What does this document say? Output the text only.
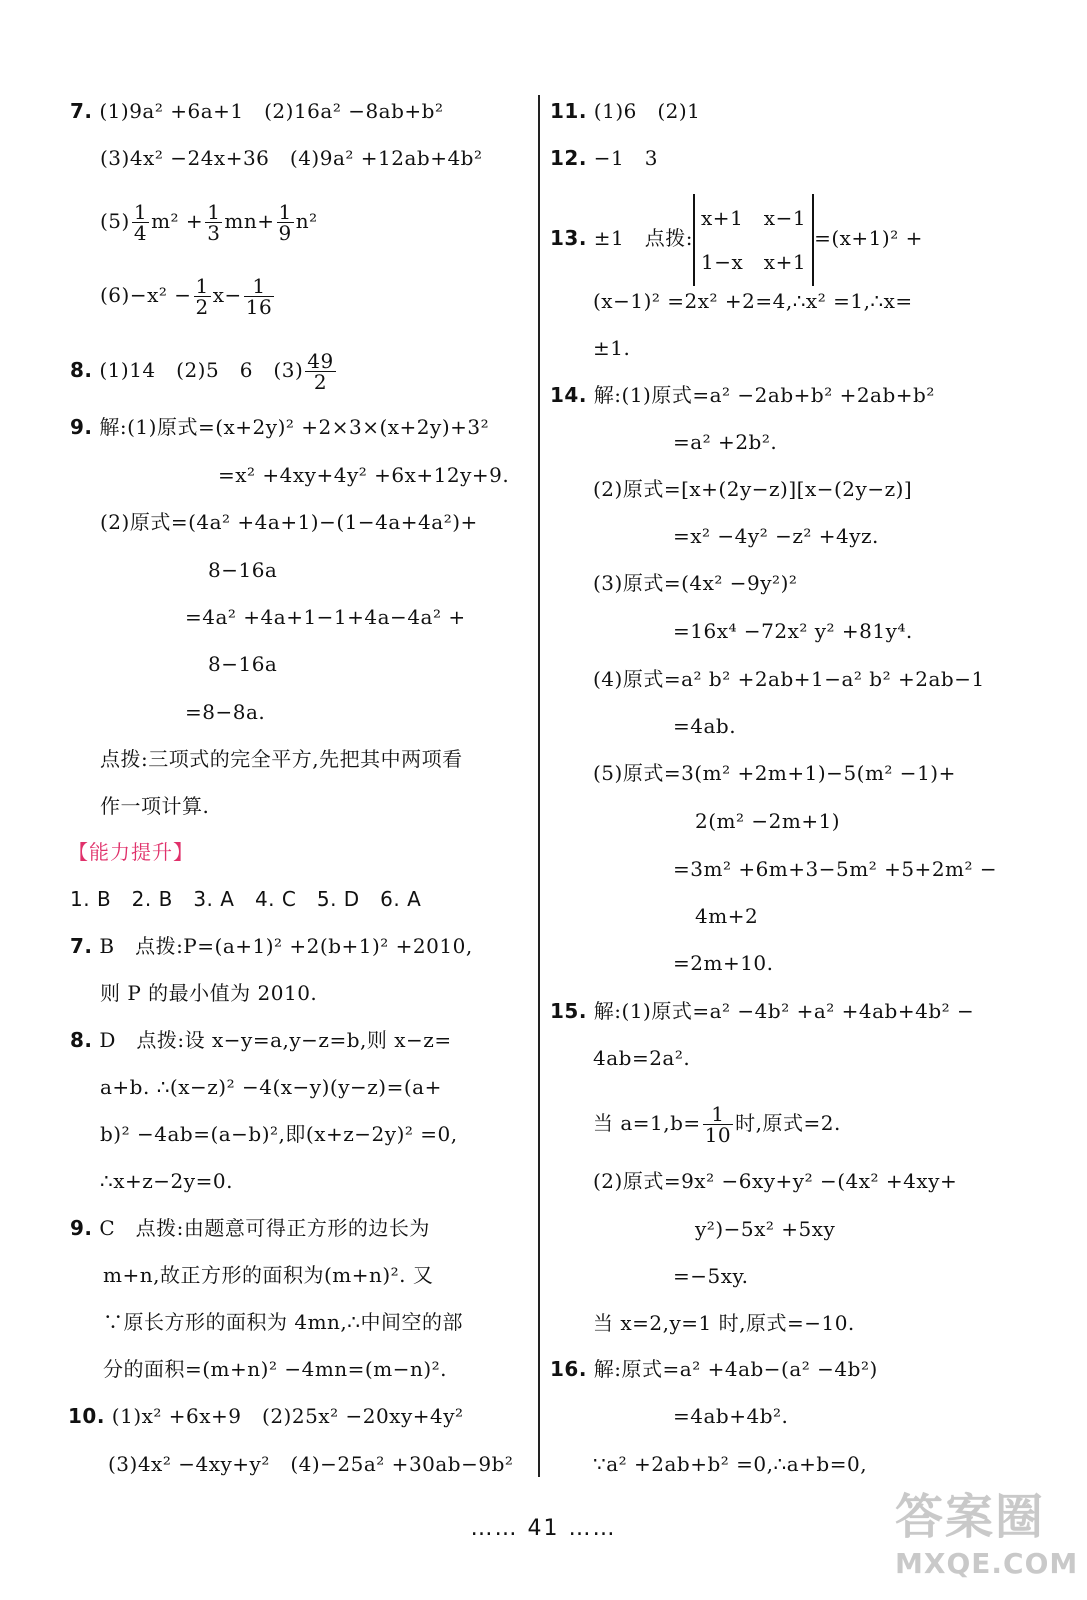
7. (1)9a² +6a+1　(2)16a² −8ab+b²
(3)4x² −24x+36　(4)9a² +12ab+4b²
$(5) \frac{1}{4} m^2 + \frac{1}{3} mn+ \frac{1}{9} n^2$
$(6)-x^2 - \frac{1}{2} x- \frac{1}{16}$
8. (1)14　(2)5　6　$(3) \frac{49}{2}$
9. 解:(1)原式=(x+2y)² +2×3×(x+2y)+3²
=x² +4xy+4y² +6x+12y+9.
(2)原式=(4a² +4a+1)−(1−4a+4a²)+
8−16a
=4a² +4a+1−1+4a−4a² +
8−16a
=8−8a.
点拨:三项式的完全平方,先把其中两项看
作一项计算.
【能力提升】
1. B　2. B　3. A　4. C　5. D　6. A
7. B　点拨:P=(a+1)² +2(b+1)² +2010,
则 P 的最小值为 2010.
8. D　点拨:设 x−y=a,y−z=b,则 x−z=
a+b. ∴(x−z)² −4(x−y)(y−z)=(a+
b)² −4ab=(a−b)²,即(x+z−2y)² =0,
∴x+z−2y=0.
9. C　点拨:由题意可得正方形的边长为
m+n,故正方形的面积为(m+n)². 又
∵原长方形的面积为 4mn,∴中间空的部
分的面积=(m+n)² −4mn=(m−n)².
10. (1)x² +6x+9　(2)25x² −20xy+4y²
(3)4x² −4xy+y²　(4)−25a² +30ab−9b²
11. (1)6　(2)1
12. −1　3
13. ±1　点拨:
x+1　 x−1
1−x　 x+1
=(x+1)² +
(x−1)² =2x² +2=4,∴x² =1,∴x=
±1.
14. 解:(1)原式=a² −2ab+b² +2ab+b²
=a² +2b².
(2)原式=[x+(2y−z)][x−(2y−z)]
=x² −4y² −z² +4yz.
(3)原式=(4x² −9y²)²
=16x⁴ −72x² y² +81y⁴.
(4)原式=a² b² +2ab+1−a² b² +2ab−1
=4ab.
(5)原式=3(m² +2m+1)−5(m² −1)+
2(m² −2m+1)
=3m² +6m+3−5m² +5+2m² −
4m+2
=2m+10.
15. 解:(1)原式=a² −4b² +a² +4ab+4b² −
4ab=2a².
当 $a=1,b= \frac{1}{10}$ 时,原式=2.
(2)原式=9x² −6xy+y² −(4x² +4xy+
y²)−5x² +5xy
=−5xy.
当 x=2,y=1 时,原式=−10.
16. 解:原式=a² +4ab−(a² −4b²)
=4ab+4b².
∵a² +2ab+b² =0,∴a+b=0,
…… 41 ……	答案圈
MXQE.COM
